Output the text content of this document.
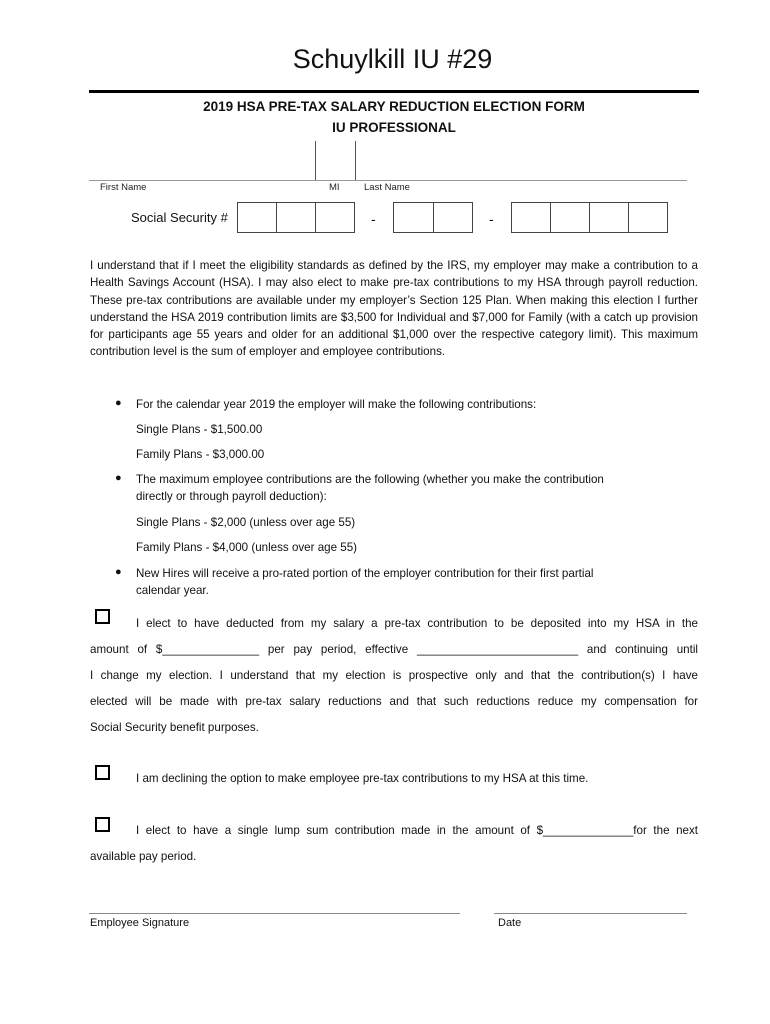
Schuylkill IU #29
2019 HSA PRE-TAX SALARY REDUCTION ELECTION FORM
IU PROFESSIONAL
First Name	MI	Last Name
Social Security #	-	-
I understand that if I meet the eligibility standards as defined by the IRS, my employer may make a contribution to a Health Savings Account (HSA). I may also elect to make pre-tax contributions to my HSA through payroll reduction. These pre-tax contributions are available under my employer’s Section 125 Plan. When making this election I further understand the HSA 2019 contribution limits are $3,500 for Individual and $7,000 for Family (with a catch up provision for participants age 55 years and older for an additional $1,000 over the respective category limit). This maximum contribution level is the sum of employer and employee contributions.
● For the calendar year 2019 the employer will make the following contributions:
Single Plans - $1,500.00
Family Plans - $3,000.00
● The maximum employee contributions are the following (whether you make the contribution
directly or through payroll deduction):
Single Plans - $2,000 (unless over age 55)
Family Plans - $4,000 (unless over age 55)
● New Hires will receive a pro-rated portion of the employer contribution for their first partial
calendar year.
I elect to have deducted from my salary a pre-tax contribution to be deposited into my HSA in the
amount of $_______________ per pay period, effective _________________________ and continuing until
I change my election. I understand that my election is prospective only and that the contribution(s) I have
elected will be made with pre-tax salary reductions and that such reductions reduce my compensation for
Social Security benefit purposes.
I am declining the option to make employee pre-tax contributions to my HSA at this time.
I elect to have a single lump sum contribution made in the amount of $______________for the next
available pay period.
Employee Signature	Date
